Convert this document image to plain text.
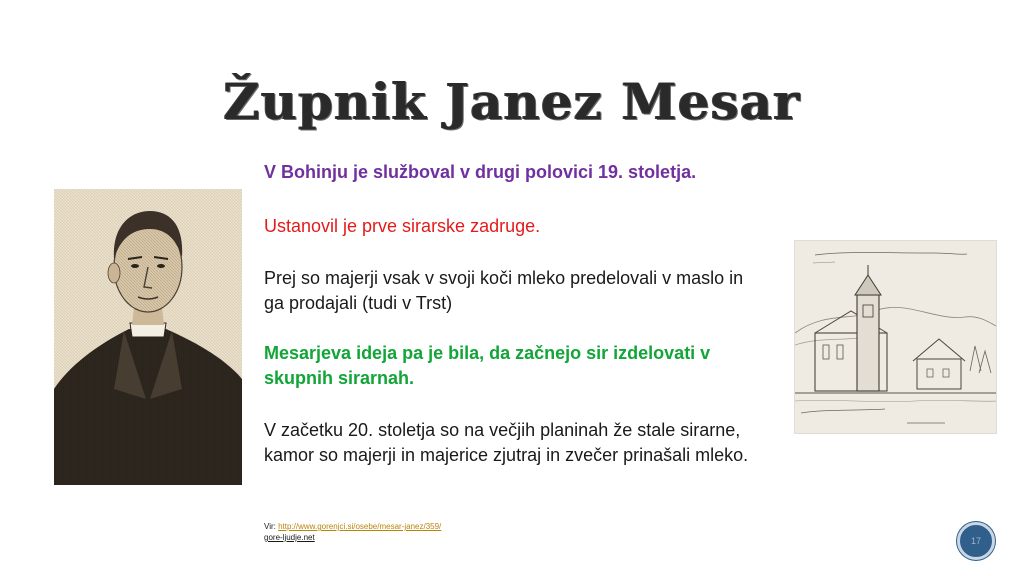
Župnik Janez Mesar
V Bohinju je služboval v drugi polovici 19. stoletja.
Ustanovil je prve sirarske zadruge.
Prej so majerji vsak v svoji koči mleko predelovali v maslo in ga prodajali (tudi v Trst)
Mesarjeva ideja pa je bila, da začnejo sir izdelovati v skupnih sirarnah.
V začetku 20. stoletja so na večjih planinah že stale sirarne, kamor so majerji in majerice zjutraj in zvečer prinašali mleko.
Vir: http://www.gorenjci.si/osebe/mesar-janez/359/
gore-ljudje.net	17
